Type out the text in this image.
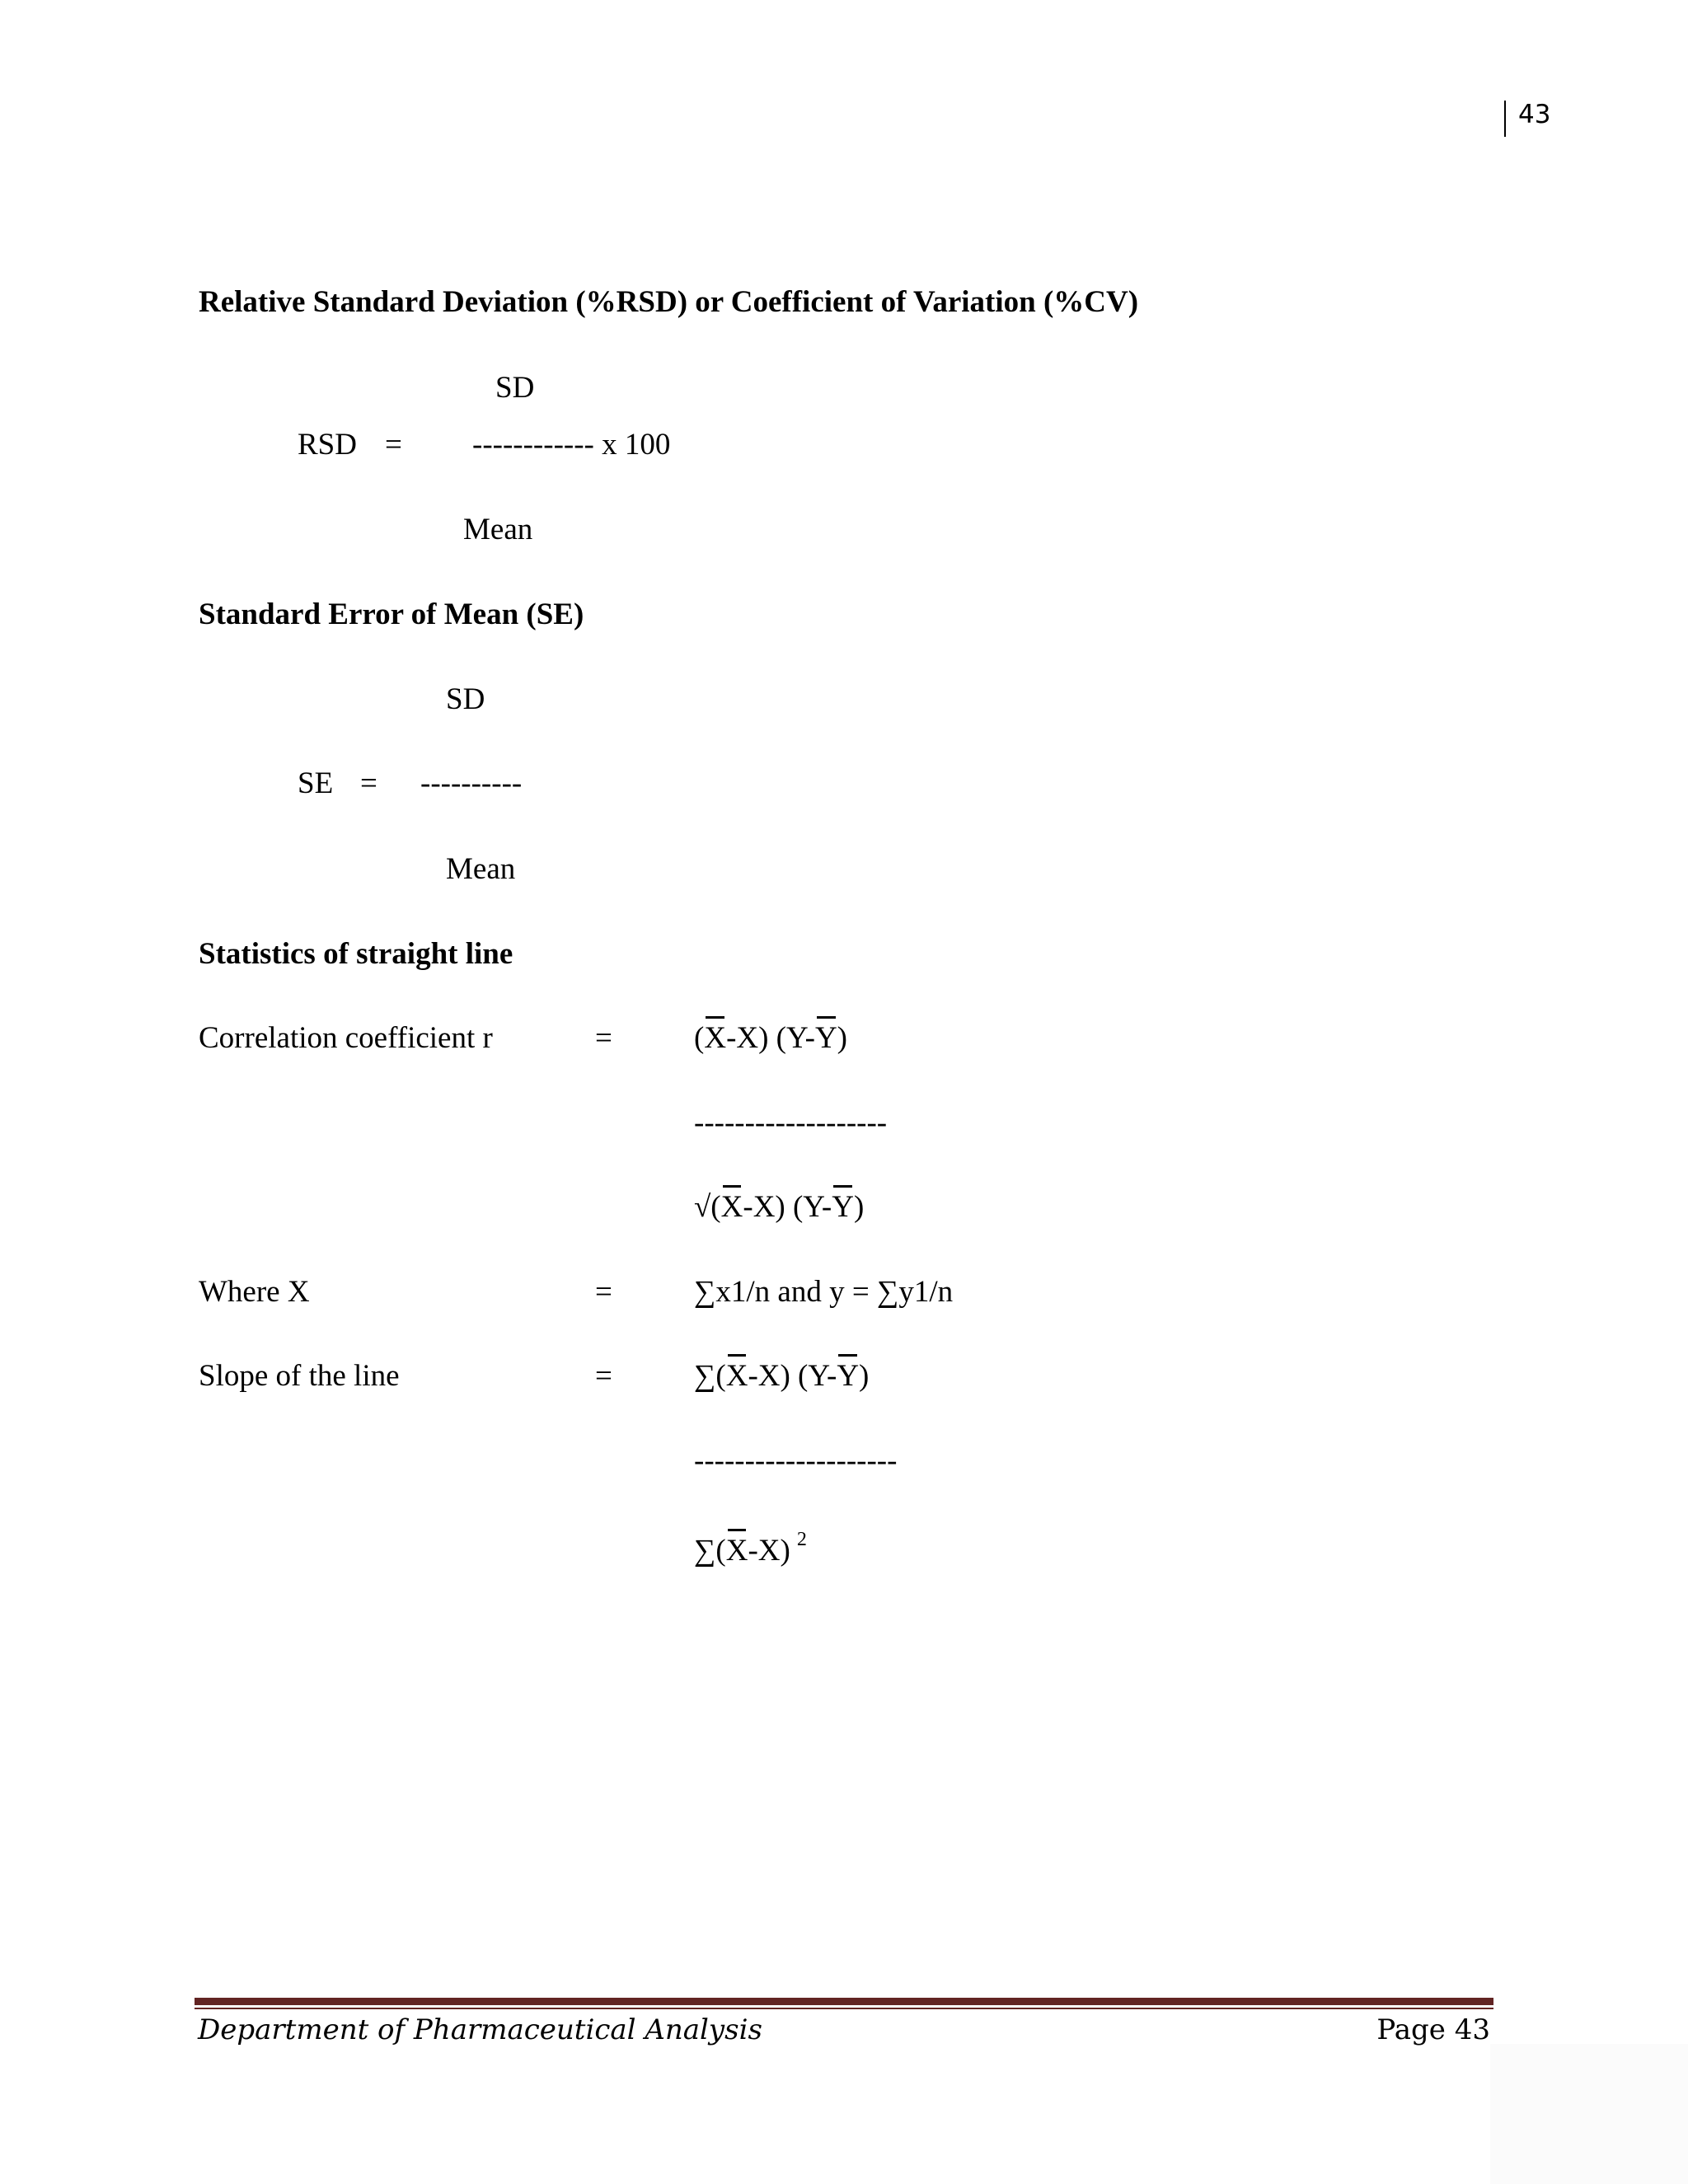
43
Relative Standard Deviation (%RSD) or Coefficient of Variation (%CV)
SD
RSD = ------------ x 100
Mean
Standard Error of Mean (SE)
SD
SE = ----------
Mean
Statistics of straight line
Correlation coefficient r	=	(X-X) (Y-Y)
-------------------
√(X-X) (Y-Y)
Where X	=	∑x1/n and y = ∑y1/n
Slope of the line	=	∑(X-X) (Y-Y)
--------------------
∑(X-X) $^2$
Department of Pharmaceutical Analysis	Page 43
